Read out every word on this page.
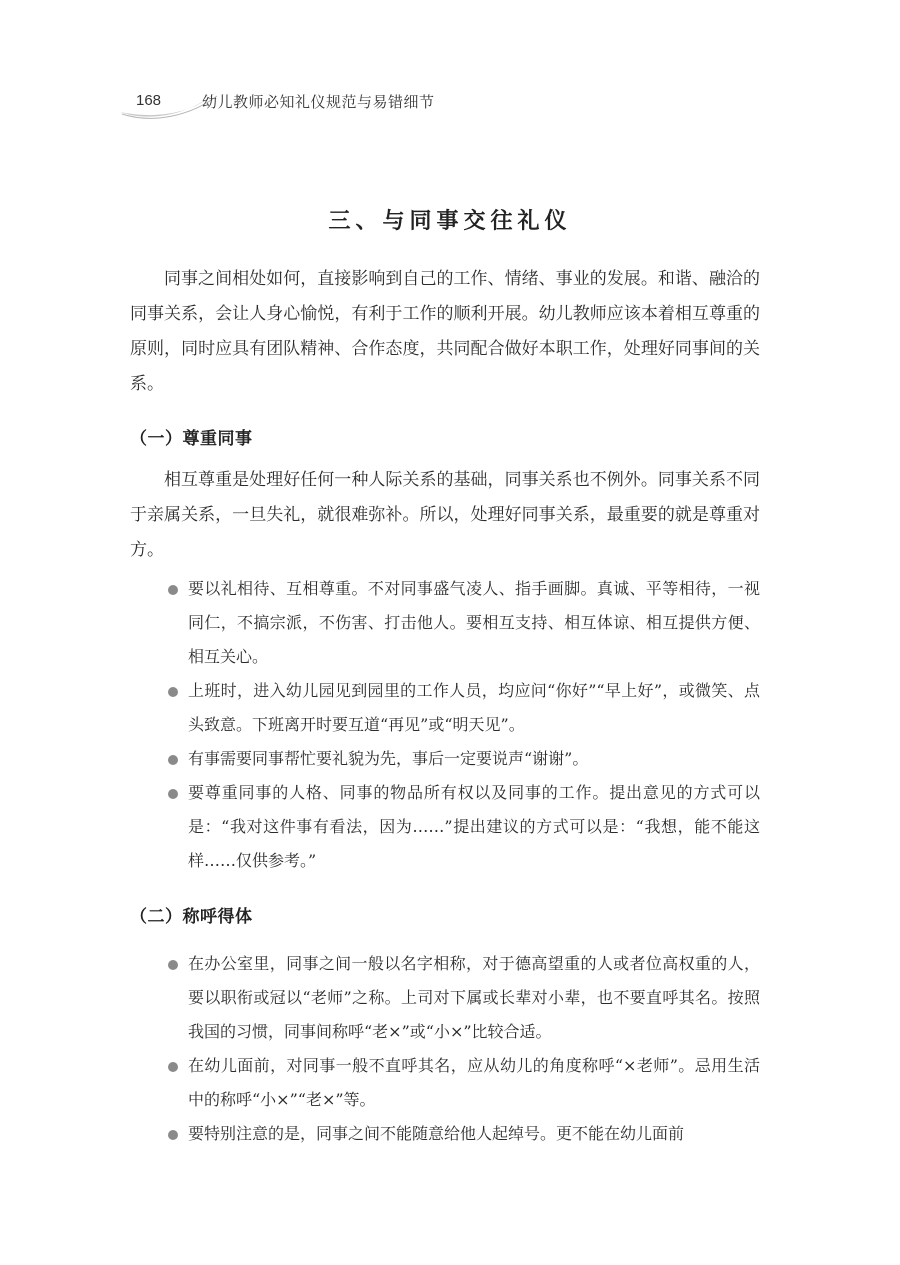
168	幼儿教师必知礼仪规范与易错细节
三、与同事交往礼仪

同事之间相处如何，直接影响到自己的工作、情绪、事业的发展。和谐、融洽的同事关系，会让人身心愉悦，有利于工作的顺利开展。幼儿教师应该本着相互尊重的原则，同时应具有团队精神、合作态度，共同配合做好本职工作，处理好同事间的关系。

（一）尊重同事

相互尊重是处理好任何一种人际关系的基础，同事关系也不例外。同事关系不同于亲属关系，一旦失礼，就很难弥补。所以，处理好同事关系，最重要的就是尊重对方。

要以礼相待、互相尊重。不对同事盛气凌人、指手画脚。真诚、平等相待，一视同仁，不搞宗派，不伤害、打击他人。要相互支持、相互体谅、相互提供方便、相互关心。
上班时，进入幼儿园见到园里的工作人员，均应问“你好”“早上好”，或微笑、点头致意。下班离开时要互道“再见”或“明天见”。
有事需要同事帮忙要礼貌为先，事后一定要说声“谢谢”。
要尊重同事的人格、同事的物品所有权以及同事的工作。提出意见的方式可以是：“我对这件事有看法，因为……”提出建议的方式可以是：“我想，能不能这样……仅供参考。”
（二）称呼得体
在办公室里，同事之间一般以名字相称，对于德高望重的人或者位高权重的人，要以职衔或冠以“老师”之称。上司对下属或长辈对小辈，也不要直呼其名。按照我国的习惯，同事间称呼“老×”或“小×”比较合适。
在幼儿面前，对同事一般不直呼其名，应从幼儿的角度称呼“×老师”。忌用生活中的称呼“小×”“老×”等。
要特别注意的是，同事之间不能随意给他人起绰号。更不能在幼儿面前
